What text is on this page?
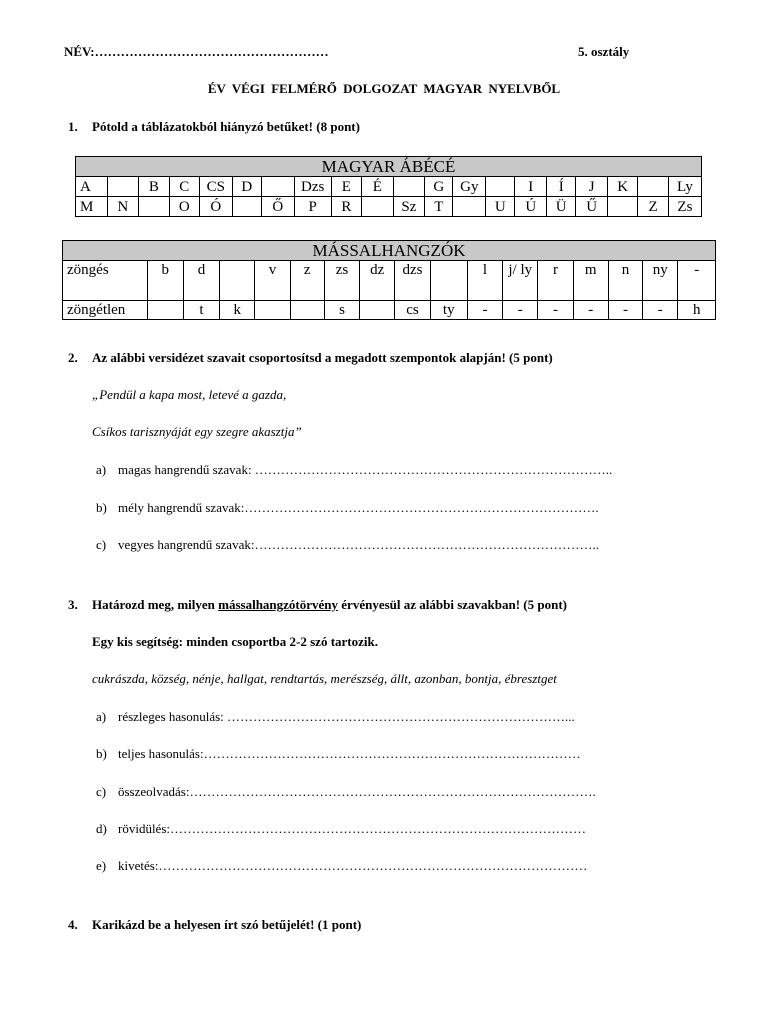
NÉV:………………………………………………	5. osztály
ÉV VÉGI FELMÉRŐ DOLGOZAT MAGYAR NYELVBŐL
1. Pótold a táblázatokból hiányzó betűket! (8 pont)
MAGYAR ÁBÉCÉ																			
A		B	C	CS	D		Dzs	E	É		G	Gy		I	Í	J	K		Ly
M	N		O	Ó		Ő	P	R		Sz	T		U	Ú	Ü	Ű		Z	Zs
MÁSSALHANGZÓK																
zöngés	b	d		v	z	zs	dz	dzs		l	j/ ly	r	m	n	ny	-
zöngétlen		t	k			s		cs	ty	-	-	-	-	-	-	h
2. Az alábbi versidézet szavait csoportosítsd a megadott szempontok alapján! (5 pont)
„Pendül a kapa most, letevé a gazda,
Csíkos tarisznyáját egy szegre akasztja”
a) magas hangrendű szavak: ………………………………………………………………………..
b) mély hangrendű szavak:……………………………………………………………………….
c) vegyes hangrendű szavak:……………………………………………………………………..
3. Határozd meg, milyen mássalhangzótörvény érvényesül az alábbi szavakban! (5 pont)
Egy kis segítség: minden csoportba 2-2 szó tartozik.
cukrászda, község, nénje, hallgat, rendtartás, merészség, állt, azonban, bontja, ébresztget
a) részleges hasonulás: ……………………………………………………………………...
b) teljes hasonulás:……………………………………………………………………………
c) összeolvadás:………………………………………………………………………………….
d) rövidülés:……………………………………………………………………………………
e) kivetés:………………………………………………………………………………………
4. Karikázd be a helyesen írt szó betűjelét! (1 pont)
